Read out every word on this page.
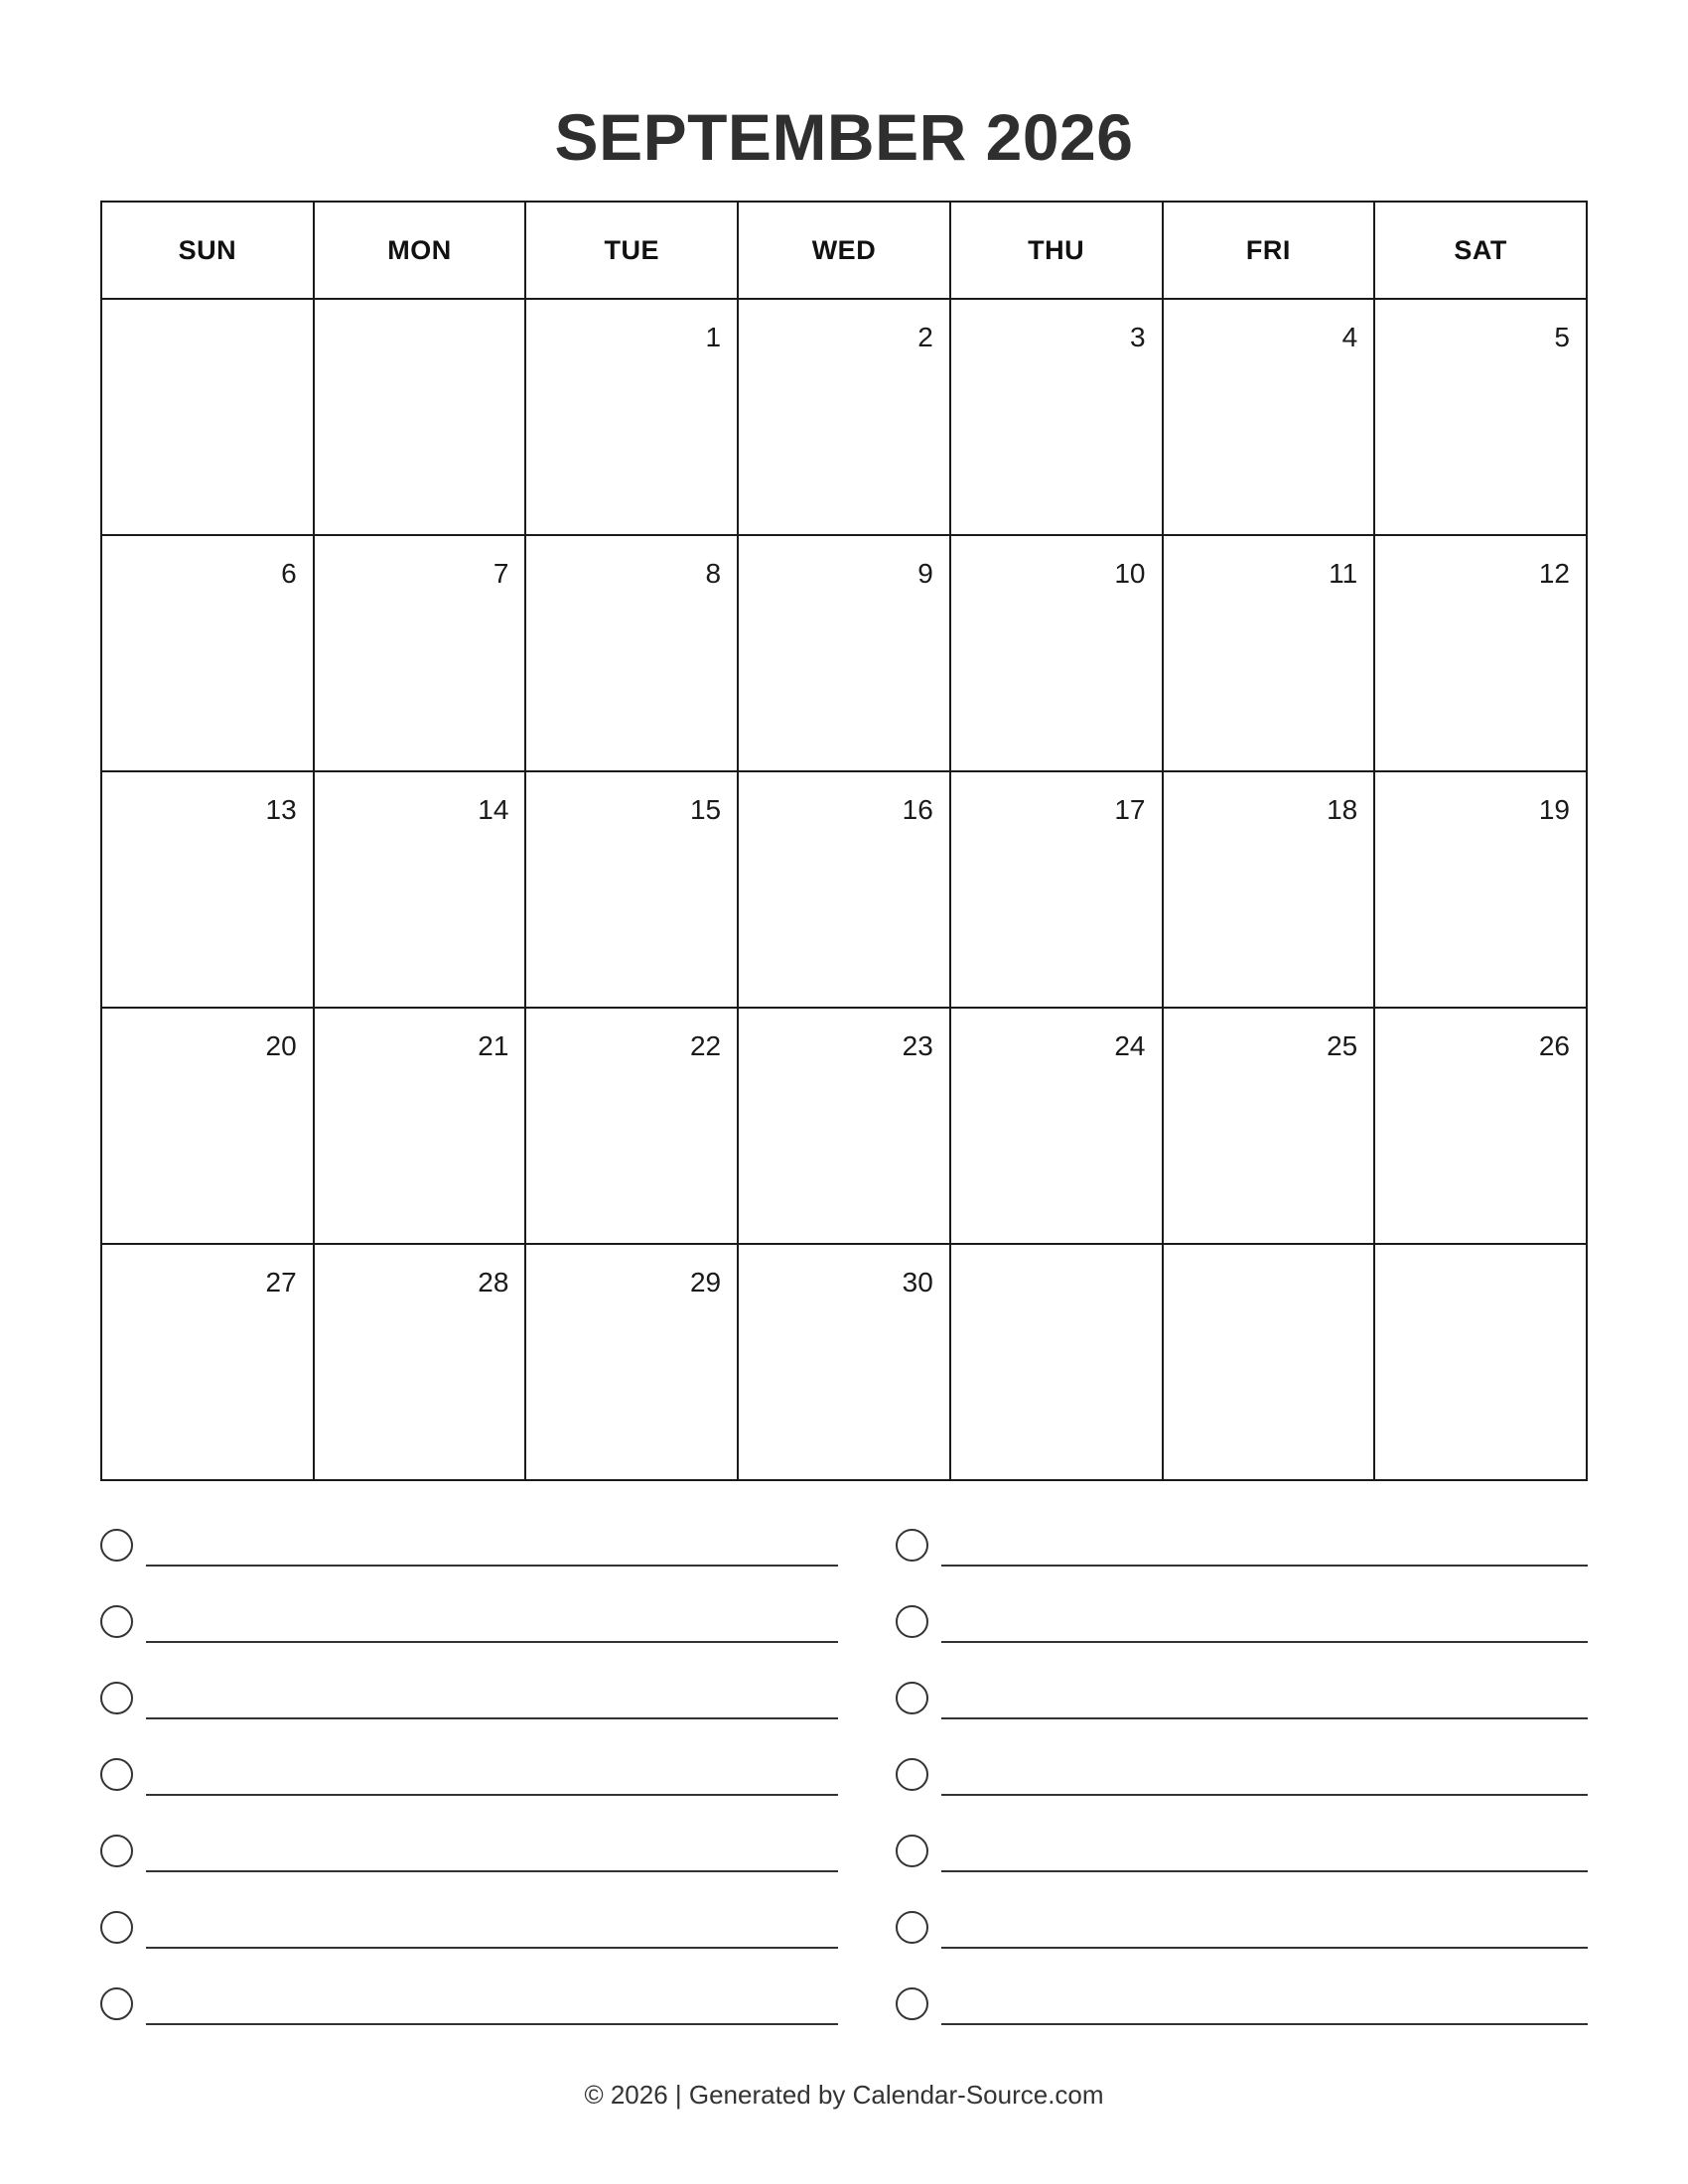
SEPTEMBER 2026
SUN	MON	TUE	WED	THU	FRI	SAT

		1	2	3	4	5

6	7	8	9	10	11	12

13	14	15	16	17	18	19

20	21	22	23	24	25	26

27	28	29	30			

© 2026 | Generated by Calendar-Source.com
